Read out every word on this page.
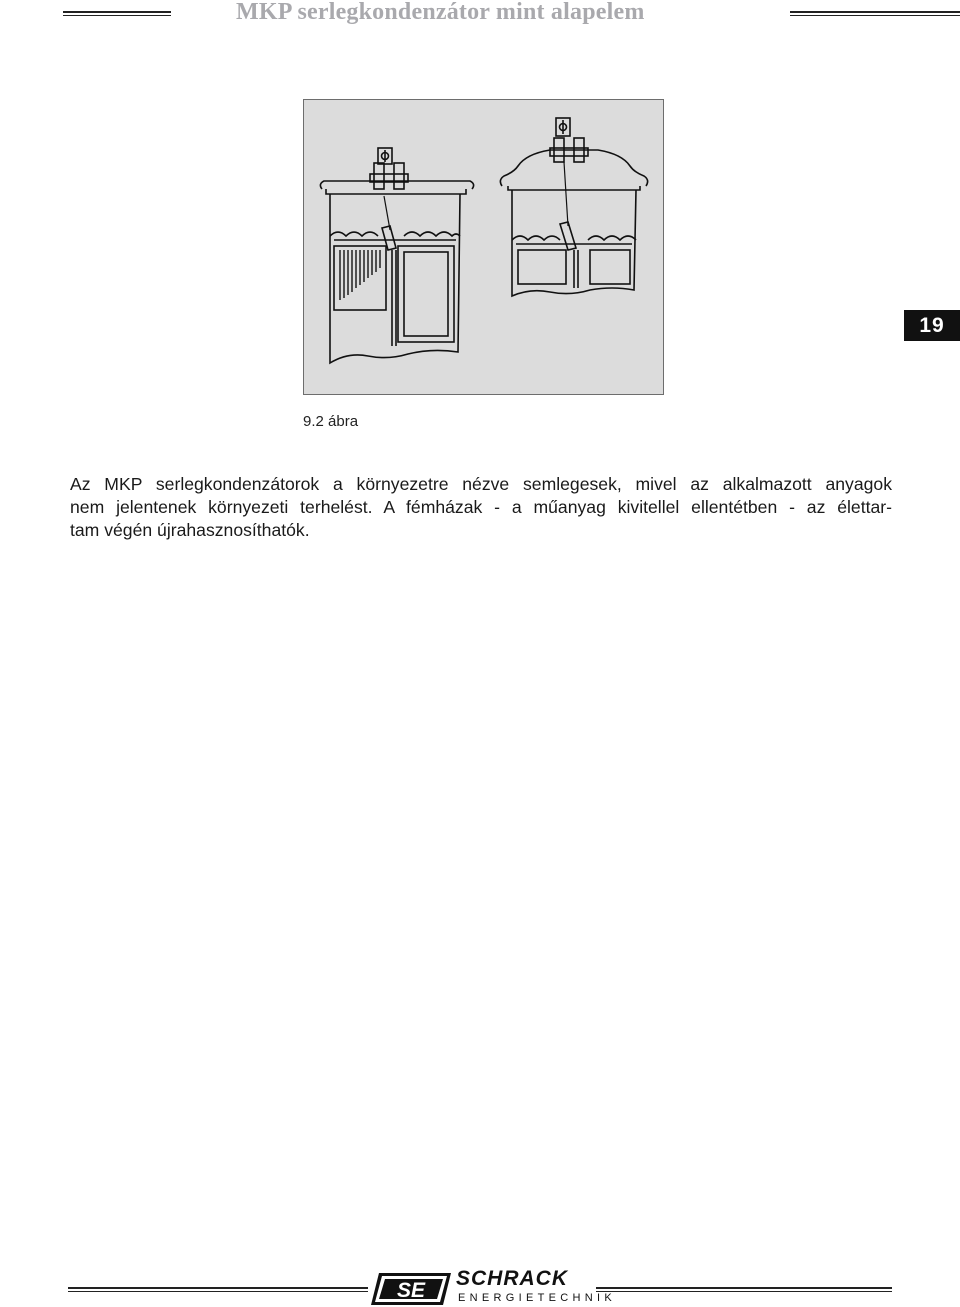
MKP serlegkondenzátor mint alapelem
19
9.2 ábra
Az MKP serlegkondenzátorok a környezetre nézve semlegesek, mivel az alkalmazott anyagok
nem jelentenek környezeti terhelést. A fémházak - a műanyag kivitellel ellentétben - az élettar-
tam végén újrahasznosíthatók.
SE
SCHRACK
ENERGIETECHNIK
